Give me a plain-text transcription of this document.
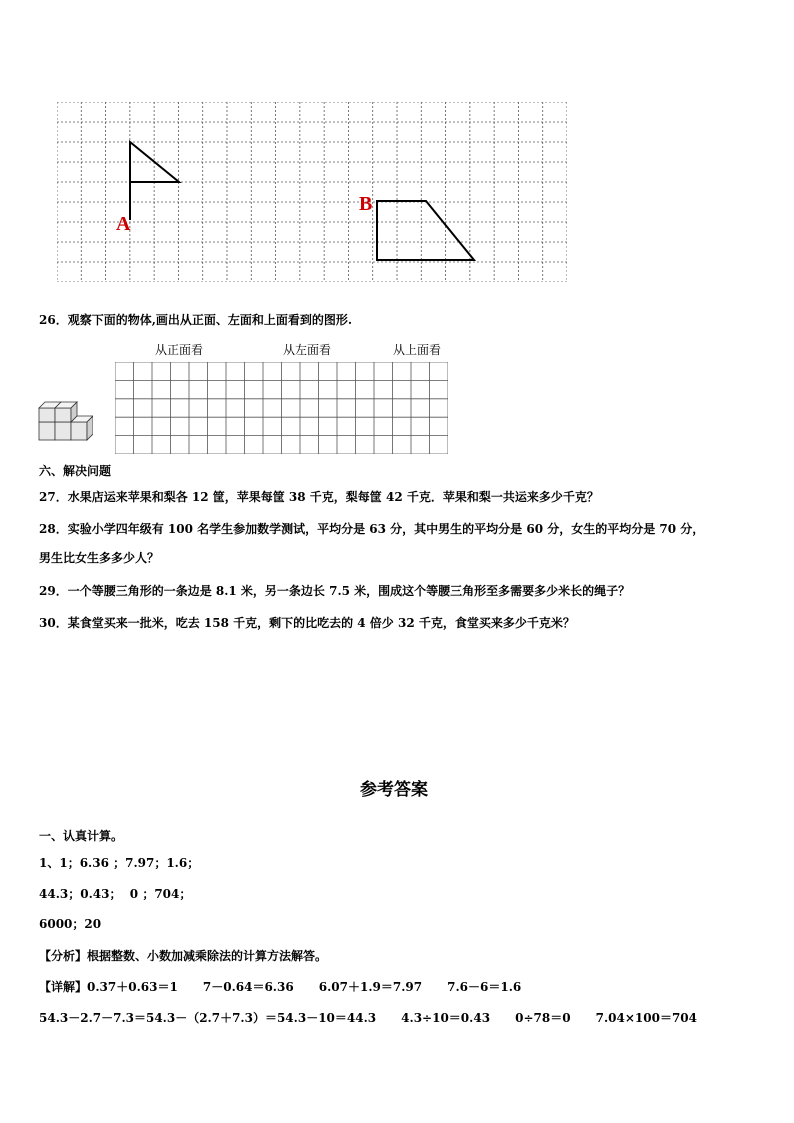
A
B
26．观察下面的物体,画出从正面、左面和上面看到的图形.
从正面看	从左面看	从上面看
六、解决问题
27．水果店运来苹果和梨各 12 筐，苹果每筐 38 千克，梨每筐 42 千克．苹果和梨一共运来多少千克？
28．实验小学四年级有 100 名学生参加数学测试，平均分是 63 分，其中男生的平均分是 60 分，女生的平均分是 70 分，
男生比女生多多少人？
29．一个等腰三角形的一条边是 8.1 米，另一条边长 7.5 米，围成这个等腰三角形至多需要多少米长的绳子？
30．某食堂买来一批米，吃去 158 千克，剩下的比吃去的 4 倍少 32 千克，食堂买来多少千克米？
参考答案
一、认真计算。
1、1；6.36 ；7.97；1.6；
44.3；0.43；  0 ；704；
6000；20
【分析】根据整数、小数加减乘除法的计算方法解答。
【详解】0.37＋0.63＝1      7－0.64＝6.36      6.07＋1.9＝7.97      7.6－6＝1.6
54.3－2.7－7.3＝54.3－（2.7＋7.3）＝54.3－10＝44.3      4.3÷10＝0.43      0÷78＝0      7.04×100＝704
